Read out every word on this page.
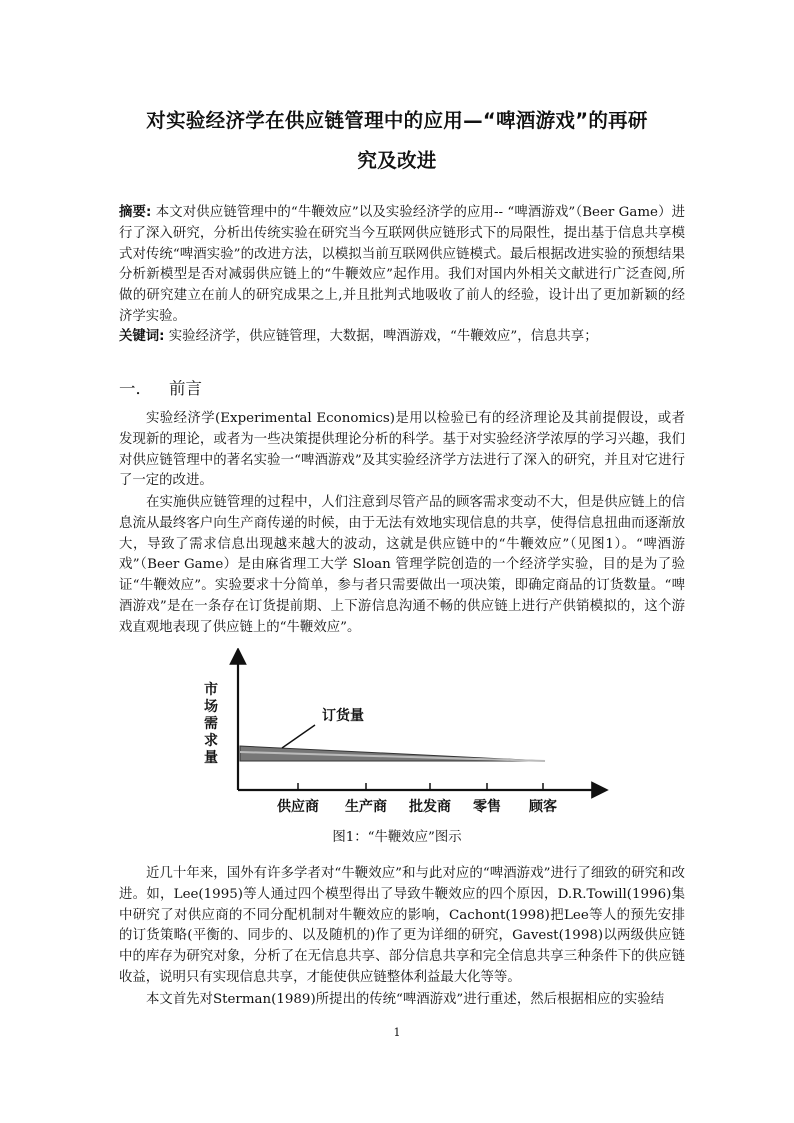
对实验经济学在供应链管理中的应用—“啤酒游戏”的再研
究及改进

摘要: 本文对供应链管理中的“牛鞭效应”以及实验经济学的应用-- “啤酒游戏”（Beer Game）进行了深入研究，分析出传统实验在研究当今互联网供应链形式下的局限性，提出基于信息共享模式对传统“啤酒实验”的改进方法，以模拟当前互联网供应链模式。最后根据改进实验的预想结果分析新模型是否对减弱供应链上的“牛鞭效应”起作用。我们对国内外相关文献进行广泛查阅,所做的研究建立在前人的研究成果之上,并且批判式地吸收了前人的经验，设计出了更加新颖的经济学实验。

关键词: 实验经济学，供应链管理，大数据，啤酒游戏，“牛鞭效应”，信息共享；

一． 前言

实验经济学(Experimental Economics)是用以检验已有的经济理论及其前提假设，或者发现新的理论，或者为一些决策提供理论分析的科学。基于对实验经济学浓厚的学习兴趣，我们对供应链管理中的著名实验一“啤酒游戏”及其实验经济学方法进行了深入的研究，并且对它进行了一定的改进。

在实施供应链管理的过程中，人们注意到尽管产品的顾客需求变动不大，但是供应链上的信息流从最终客户向生产商传递的时候，由于无法有效地实现信息的共享，使得信息扭曲而逐渐放大，导致了需求信息出现越来越大的波动，这就是供应链中的“牛鞭效应”（见图1）。“啤酒游戏”（Beer Game）是由麻省理工大学 Sloan 管理学院创造的一个经济学实验，目的是为了验证“牛鞭效应”。实验要求十分简单，参与者只需要做出一项决策，即确定商品的订货数量。“啤酒游戏”是在一条存在订货提前期、上下游信息沟通不畅的供应链上进行产供销模拟的，这个游戏直观地表现了供应链上的“牛鞭效应”。

订货量
市
场
需
求
量
供应商 生产商 批发商 零售 顾客
图1：“牛鞭效应”图示

近几十年来，国外有许多学者对“牛鞭效应”和与此对应的“啤酒游戏”进行了细致的研究和改进。如，Lee(1995)等人通过四个模型得出了导致牛鞭效应的四个原因，D.R.Towill(1996)集中研究了对供应商的不同分配机制对牛鞭效应的影响，Cachont(1998)把Lee等人的预先安排的订货策略(平衡的、同步的、以及随机的)作了更为详细的研究，Gavest(1998)以两级供应链中的库存为研究对象，分析了在无信息共享、部分信息共享和完全信息共享三种条件下的供应链收益，说明只有实现信息共享，才能使供应链整体利益最大化等等。

本文首先对Sterman(1989)所提出的传统“啤酒游戏”进行重述，然后根据相应的实验结

1
